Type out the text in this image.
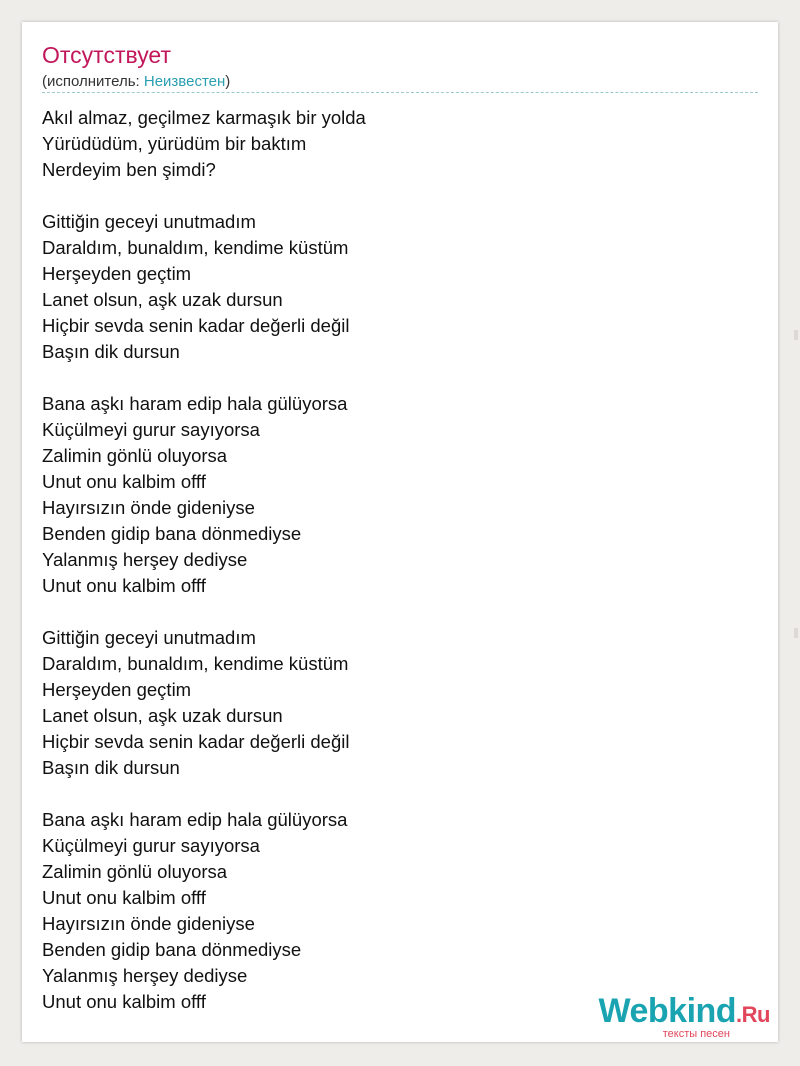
Отсутствует
(исполнитель: Неизвестен)
Akıl almaz, geçilmez karmaşık bir yolda
Yürüdüdüm, yürüdüm bir baktım
Nerdeyim ben şimdi?
Gittiğin geceyi unutmadım
Daraldım, bunaldım, kendime küstüm
Herşeyden geçtim
Lanet olsun, aşk uzak dursun
Hiçbir sevda senin kadar değerli değil
Başın dik dursun
Bana aşkı haram edip hala gülüyorsa
Küçülmeyi gurur sayıyorsa
Zalimin gönlü oluyorsa
Unut onu kalbim offf
Hayırsızın önde gideniyse
Benden gidip bana dönmediyse
Yalanmış herşey dediyse
Unut onu kalbim offf
Gittiğin geceyi unutmadım
Daraldım, bunaldım, kendime küstüm
Herşeyden geçtim
Lanet olsun, aşk uzak dursun
Hiçbir sevda senin kadar değerli değil
Başın dik dursun
Bana aşkı haram edip hala gülüyorsa
Küçülmeyi gurur sayıyorsa
Zalimin gönlü oluyorsa
Unut onu kalbim offf
Hayırsızın önde gideniyse
Benden gidip bana dönmediyse
Yalanmış herşey dediyse
Unut onu kalbim offf	Webkind.Ru
тексты песен
